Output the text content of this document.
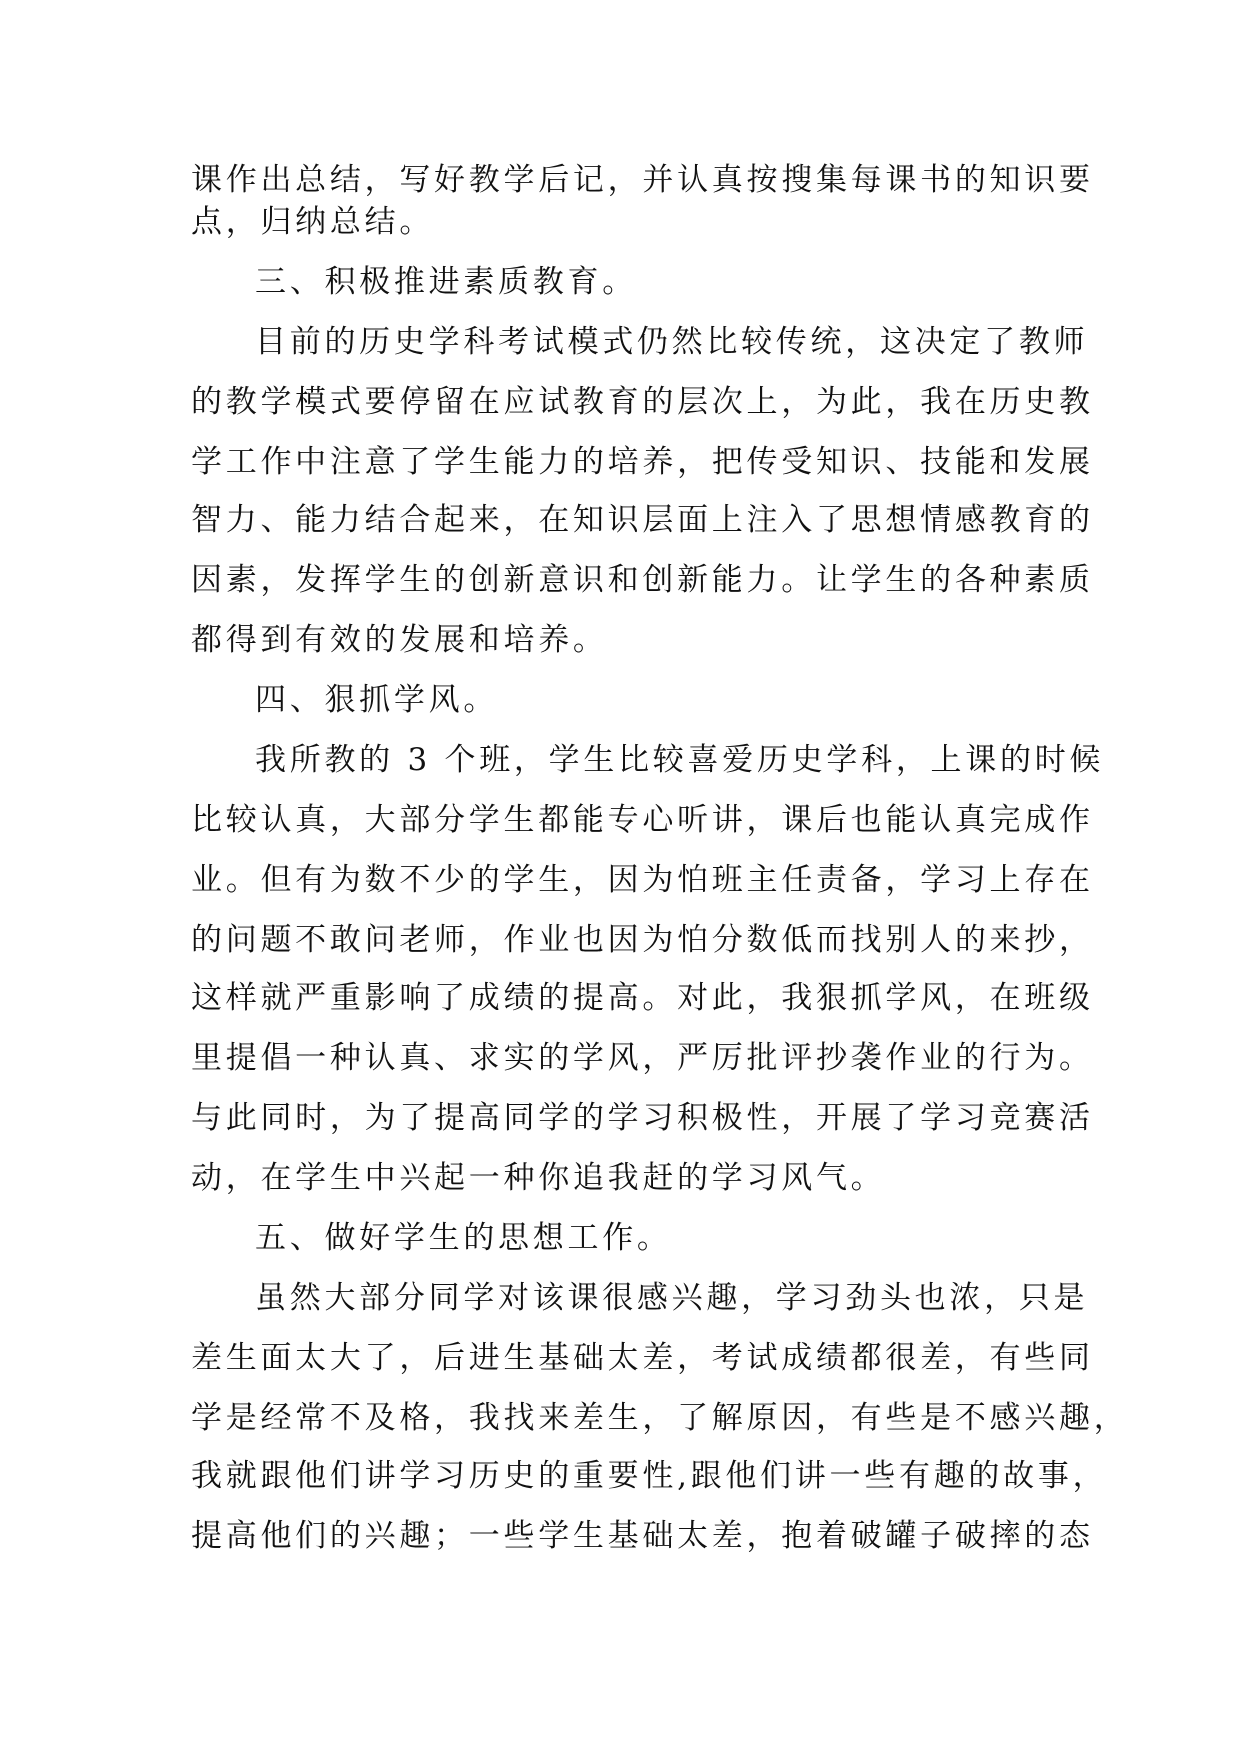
课作出总结，写好教学后记，并认真按搜集每课书的知识要
点，归纳总结。
三、积极推进素质教育。
目前的历史学科考试模式仍然比较传统，这决定了教师
的教学模式要停留在应试教育的层次上，为此，我在历史教
学工作中注意了学生能力的培养，把传受知识、技能和发展
智力、能力结合起来，在知识层面上注入了思想情感教育的
因素，发挥学生的创新意识和创新能力。让学生的各种素质
都得到有效的发展和培养。
四、狠抓学风。
我所教的 3 个班，学生比较喜爱历史学科，上课的时候
比较认真，大部分学生都能专心听讲，课后也能认真完成作
业。但有为数不少的学生，因为怕班主任责备，学习上存在
的问题不敢问老师，作业也因为怕分数低而找别人的来抄，
这样就严重影响了成绩的提高。对此，我狠抓学风，在班级
里提倡一种认真、求实的学风，严厉批评抄袭作业的行为。
与此同时，为了提高同学的学习积极性，开展了学习竞赛活
动，在学生中兴起一种你追我赶的学习风气。
五、做好学生的思想工作。
虽然大部分同学对该课很感兴趣，学习劲头也浓，只是
差生面太大了，后进生基础太差，考试成绩都很差，有些同
学是经常不及格，我找来差生，了解原因，有些是不感兴趣，
我就跟他们讲学习历史的重要性,跟他们讲一些有趣的故事，
提高他们的兴趣；一些学生基础太差，抱着破罐子破摔的态
